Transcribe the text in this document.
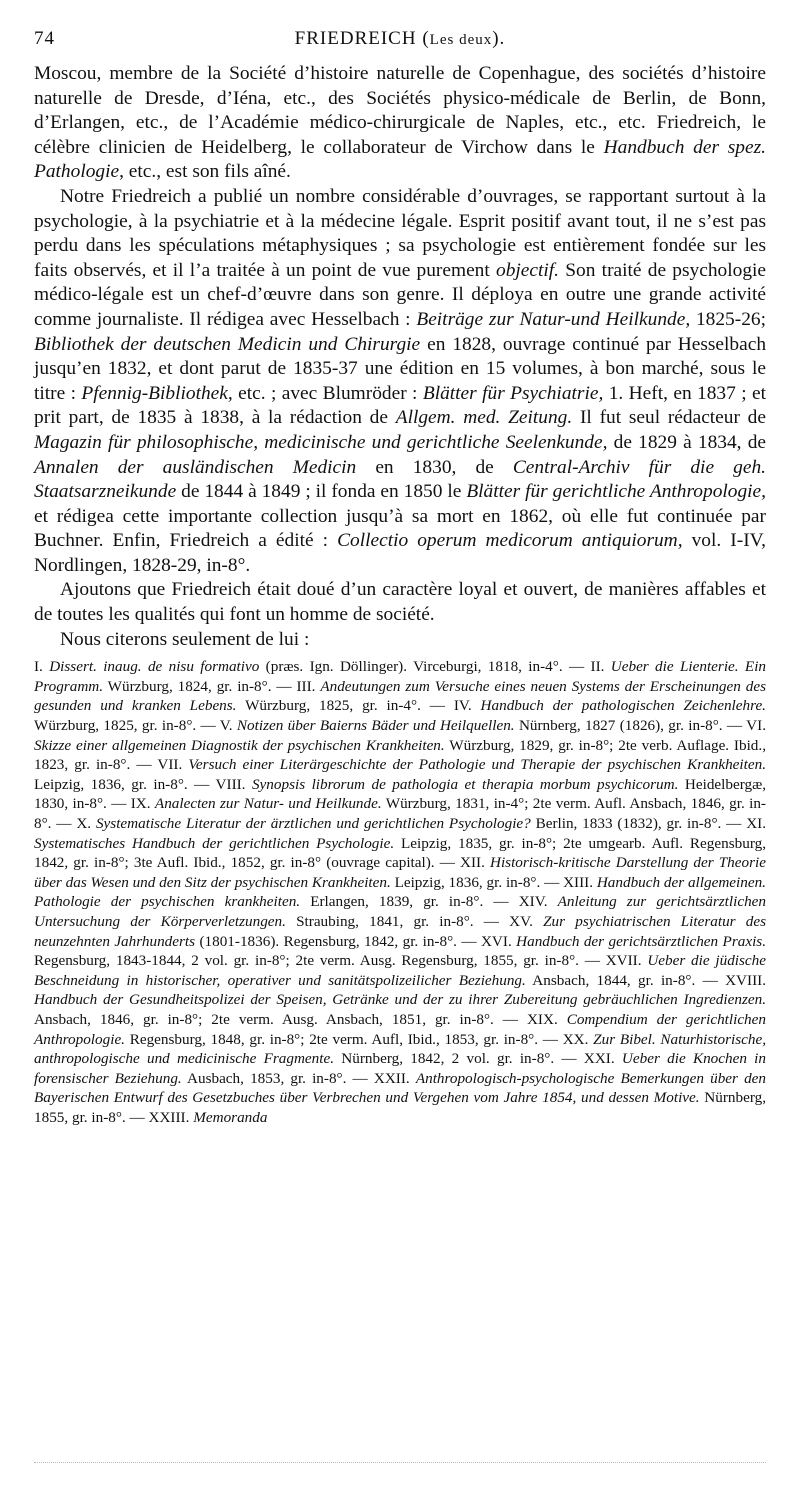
74	FRIEDREICH (Les deux).

Moscou, membre de la Société d’histoire naturelle de Copenhague, des sociétés d’histoire naturelle de Dresde, d’Iéna, etc., des Sociétés physico-médicale de Berlin, de Bonn, d’Erlangen, etc., de l’Académie médico-chirurgicale de Naples, etc., etc. Friedreich, le célèbre clinicien de Heidelberg, le collaborateur de Virchow dans le Handbuch der spez. Pathologie, etc., est son fils aîné.

Notre Friedreich a publié un nombre considérable d’ouvrages, se rapportant surtout à la psychologie, à la psychiatrie et à la médecine légale. Esprit positif avant tout, il ne s’est pas perdu dans les spéculations métaphysiques ; sa psychologie est entièrement fondée sur les faits observés, et il l’a traitée à un point de vue purement objectif. Son traité de psychologie médico-légale est un chef-d’œuvre dans son genre. Il déploya en outre une grande activité comme journaliste. Il rédigea avec Hesselbach : Beiträge zur Natur-und Heilkunde, 1825-26; Bibliothek der deutschen Medicin und Chirurgie en 1828, ouvrage continué par Hesselbach jusqu’en 1832, et dont parut de 1835-37 une édition en 15 volumes, à bon marché, sous le titre : Pfennig-Bibliothek, etc. ; avec Blumröder : Blätter für Psychiatrie, 1. Heft, en 1837 ; et prit part, de 1835 à 1838, à la rédaction de Allgem. med. Zeitung. Il fut seul rédacteur de Magazin für philosophische, medicinische und gerichtliche Seelenkunde, de 1829 à 1834, de Annalen der ausländischen Medicin en 1830, de Central-Archiv für die geh. Staatsarzneikunde de 1844 à 1849 ; il fonda en 1850 le Blätter für gerichtliche Anthropologie, et rédigea cette importante collection jusqu’à sa mort en 1862, où elle fut continuée par Buchner. Enfin, Friedreich a édité : Collectio operum medicorum antiquiorum, vol. I-IV, Nordlingen, 1828-29, in-8°.

Ajoutons que Friedreich était doué d’un caractère loyal et ouvert, de manières affables et de toutes les qualités qui font un homme de société.

Nous citerons seulement de lui :

I. Dissert. inaug. de nisu formativo (præs. Ign. Döllinger). Virceburgi, 1818, in-4°. — II. Ueber die Lienterie. Ein Programm. Würzburg, 1824, gr. in-8°. — III. Andeutungen zum Versuche eines neuen Systems der Erscheinungen des gesunden und kranken Lebens. Würzburg, 1825, gr. in-4°. — IV. Handbuch der pathologischen Zeichenlehre. Würzburg, 1825, gr. in-8°. — V. Notizen über Baierns Bäder und Heilquellen. Nürnberg, 1827 (1826), gr. in-8°. — VI. Skizze einer allgemeinen Diagnostik der psychischen Krankheiten. Würzburg, 1829, gr. in-8°; 2te verb. Auflage. Ibid., 1823, gr. in-8°. — VII. Versuch einer Literärgeschichte der Pathologie und Therapie der psychischen Krankheiten. Leipzig, 1836, gr. in-8°. — VIII. Synopsis librorum de pathologia et therapia morbum psychicorum. Heidelbergæ, 1830, in-8°. — IX. Analecten zur Natur- und Heilkunde. Würzburg, 1831, in-4°; 2te verm. Aufl. Ansbach, 1846, gr. in-8°. — X. Systematische Literatur der ärztlichen und gerichtlichen Psychologie? Berlin, 1833 (1832), gr. in-8°. — XI. Systematisches Handbuch der gerichtlichen Psychologie. Leipzig, 1835, gr. in-8°; 2te umgearb. Aufl. Regensburg, 1842, gr. in-8°; 3te Aufl. Ibid., 1852, gr. in-8° (ouvrage capital). — XII. Historisch-kritische Darstellung der Theorie über das Wesen und den Sitz der psychischen Krankheiten. Leipzig, 1836, gr. in-8°. — XIII. Handbuch der allgemeinen. Pathologie der psychischen krankheiten. Erlangen, 1839, gr. in-8°. — XIV. Anleitung zur gerichtsärztlichen Untersuchung der Körperverletzungen. Straubing, 1841, gr. in-8°. — XV. Zur psychiatrischen Literatur des neunzehnten Jahrhunderts (1801-1836). Regensburg, 1842, gr. in-8°. — XVI. Handbuch der gerichtsärztlichen Praxis. Regensburg, 1843-1844, 2 vol. gr. in-8°; 2te verm. Ausg. Regensburg, 1855, gr. in-8°. — XVII. Ueber die jüdische Beschneidung in historischer, operativer und sanitätspolizeilicher Beziehung. Ansbach, 1844, gr. in-8°. — XVIII. Handbuch der Gesundheitspolizei der Speisen, Getränke und der zu ihrer Zubereitung gebräuchlichen Ingredienzen. Ansbach, 1846, gr. in-8°; 2te verm. Ausg. Ansbach, 1851, gr. in-8°. — XIX. Compendium der gerichtlichen Anthropologie. Regensburg, 1848, gr. in-8°; 2te verm. Aufl, Ibid., 1853, gr. in-8°. — XX. Zur Bibel. Naturhistorische, anthropologische und medicinische Fragmente. Nürnberg, 1842, 2 vol. gr. in-8°. — XXI. Ueber die Knochen in forensischer Beziehung. Ausbach, 1853, gr. in-8°. — XXII. Anthropologisch-psychologische Bemerkungen über den Bayerischen Entwurf des Gesetzbuches über Verbrechen und Vergehen vom Jahre 1854, und dessen Motive. Nürnberg, 1855, gr. in-8°. — XXIII. Memoranda
